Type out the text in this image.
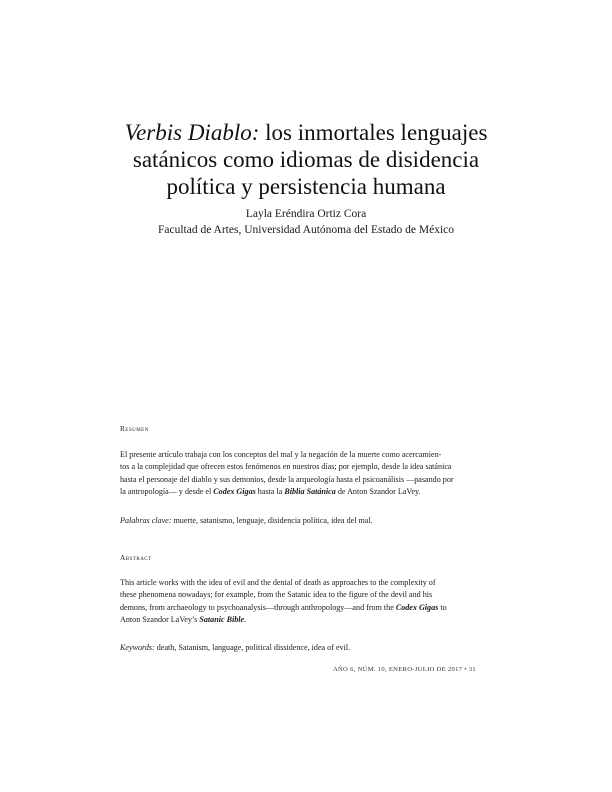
Verbis Diablo: los inmortales lenguajes
satánicos como idiomas de disidencia
política y persistencia humana
Layla Eréndira Ortiz Cora
Facultad de Artes, Universidad Autónoma del Estado de México
Resumen
El presente artículo trabaja con los conceptos del mal y la negación de la muerte como acercamien-
tos a la complejidad que ofrecen estos fenómenos en nuestros días; por ejemplo, desde la idea satánica
hasta el personaje del diablo y sus demonios, desde la arqueología hasta el psicoanálisis —pasando por
la antropología— y desde el Codex Gigas hasta la Biblia Satánica de Anton Szandor LaVey.
Palabras clave: muerte, satanismo, lenguaje, disidencia política, idea del mal.
Abstract
This article works with the idea of evil and the denial of death as approaches to the complexity of
these phenomena nowadays; for example, from the Satanic idea to the figure of the devil and his
demons, from archaeology to psychoanalysis—through anthropology—and from the Codex Gigas to
Anton Szandor LaVey’s Satanic Bible.
Keywords: death, Satanism, language, political dissidence, idea of evil.
AÑO 6, NÚM. 10, ENERO-JULIO DE 2017 • 31
